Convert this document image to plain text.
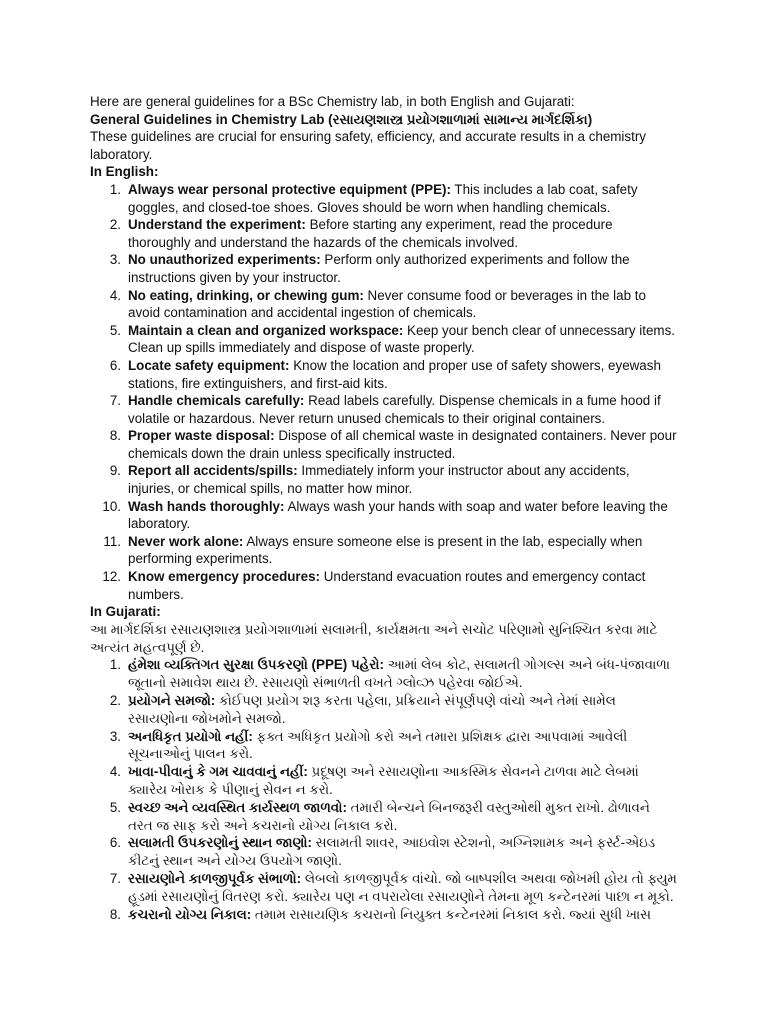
Here are general guidelines for a BSc Chemistry lab, in both English and Gujarati:

General Guidelines in Chemistry Lab (રસાયણશાસ્ત્ર પ્રયોગશાળામાં સામાન્ય માર્ગદર્શિકા)

These guidelines are crucial for ensuring safety, efficiency, and accurate results in a chemistry laboratory.

In English:

1. Always wear personal protective equipment (PPE): This includes a lab coat, safety goggles, and closed-toe shoes. Gloves should be worn when handling chemicals.
2. Understand the experiment: Before starting any experiment, read the procedure thoroughly and understand the hazards of the chemicals involved.
3. No unauthorized experiments: Perform only authorized experiments and follow the instructions given by your instructor.
4. No eating, drinking, or chewing gum: Never consume food or beverages in the lab to avoid contamination and accidental ingestion of chemicals.
5. Maintain a clean and organized workspace: Keep your bench clear of unnecessary items. Clean up spills immediately and dispose of waste properly.
6. Locate safety equipment: Know the location and proper use of safety showers, eyewash stations, fire extinguishers, and first-aid kits.
7. Handle chemicals carefully: Read labels carefully. Dispense chemicals in a fume hood if volatile or hazardous. Never return unused chemicals to their original containers.
8. Proper waste disposal: Dispose of all chemical waste in designated containers. Never pour chemicals down the drain unless specifically instructed.
9. Report all accidents/spills: Immediately inform your instructor about any accidents, injuries, or chemical spills, no matter how minor.
10. Wash hands thoroughly: Always wash your hands with soap and water before leaving the laboratory.
11. Never work alone: Always ensure someone else is present in the lab, especially when performing experiments.
12. Know emergency procedures: Understand evacuation routes and emergency contact numbers.

In Gujarati:

આ માર્ગદર્શિકા રસાયણશાસ્ત્ર પ્રયોગશાળામાં સલામતી, કાર્યક્ષમતા અને સચોટ પરિણામો સુનિશ્ચિત કરવા માટે અત્યંત મહત્વપૂર્ણ છે.

1. હંમેશા વ્યક્તિગત સુરક્ષા ઉપકરણો (PPE) પહેરો: આમાં લેબ કોટ, સલામતી ગોગલ્સ અને બંધ-પંજાવાળા જૂતાનો સમાવેશ થાય છે. રસાયણો સંભાળતી વખતે ગ્લોવ્ઝ પહેરવા જોઈએ.
2. પ્રયોગને સમજો: કોઈપણ પ્રયોગ શરૂ કરતા પહેલા, પ્રક્રિયાને સંપૂર્ણપણે વાંચો અને તેમાં સામેલ રસાયણોના જોખમોને સમજો.
3. અનધિકૃત પ્રયોગો નહીં: ફક્ત અધિકૃત પ્રયોગો કરો અને તમારા પ્રશિક્ષક દ્વારા આપવામાં આવેલી સૂચનાઓનું પાલન કરો.
4. ખાવા-પીવાનું કે ગમ ચાવવાનું નહીં: પ્રદૂષણ અને રસાયણોના આકસ્મિક સેવનને ટાળવા માટે લેબમાં ક્યારેય ખોરાક કે પીણાનું સેવન ન કરો.
5. સ્વચ્છ અને વ્યવસ્થિત કાર્યસ્થળ જાળવો: તમારી બેન્ચને બિનજરૂરી વસ્તુઓથી મુક્ત રાખો. ઢોળાવને તરત જ સાફ કરો અને કચરાનો યોગ્ય નિકાલ કરો.
6. સલામતી ઉપકરણોનું સ્થાન જાણો: સલામતી શાવર, આઇવોશ સ્ટેશનો, અગ્નિશામક અને ફર્સ્ટ-એઇડ કીટનું સ્થાન અને યોગ્ય ઉપયોગ જાણો.
7. રસાયણોને કાળજીપૂર્વક સંભાળો: લેબલો કાળજીપૂર્વક વાંચો. જો બાષ્પશીલ અથવા જોખમી હોય તો ફ્યુમ હૂડમાં રસાયણોનું વિતરણ કરો. ક્યારેય પણ ન વપરાયેલા રસાયણોને તેમના મૂળ કન્ટેનરમાં પાછા ન મૂકો.
8. કચરાનો યોગ્ય નિકાલ: તમામ રાસાયણિક કચરાનો નિયુક્ત કન્ટેનરમાં નિકાલ કરો. જ્યાં સુધી ખાસ
